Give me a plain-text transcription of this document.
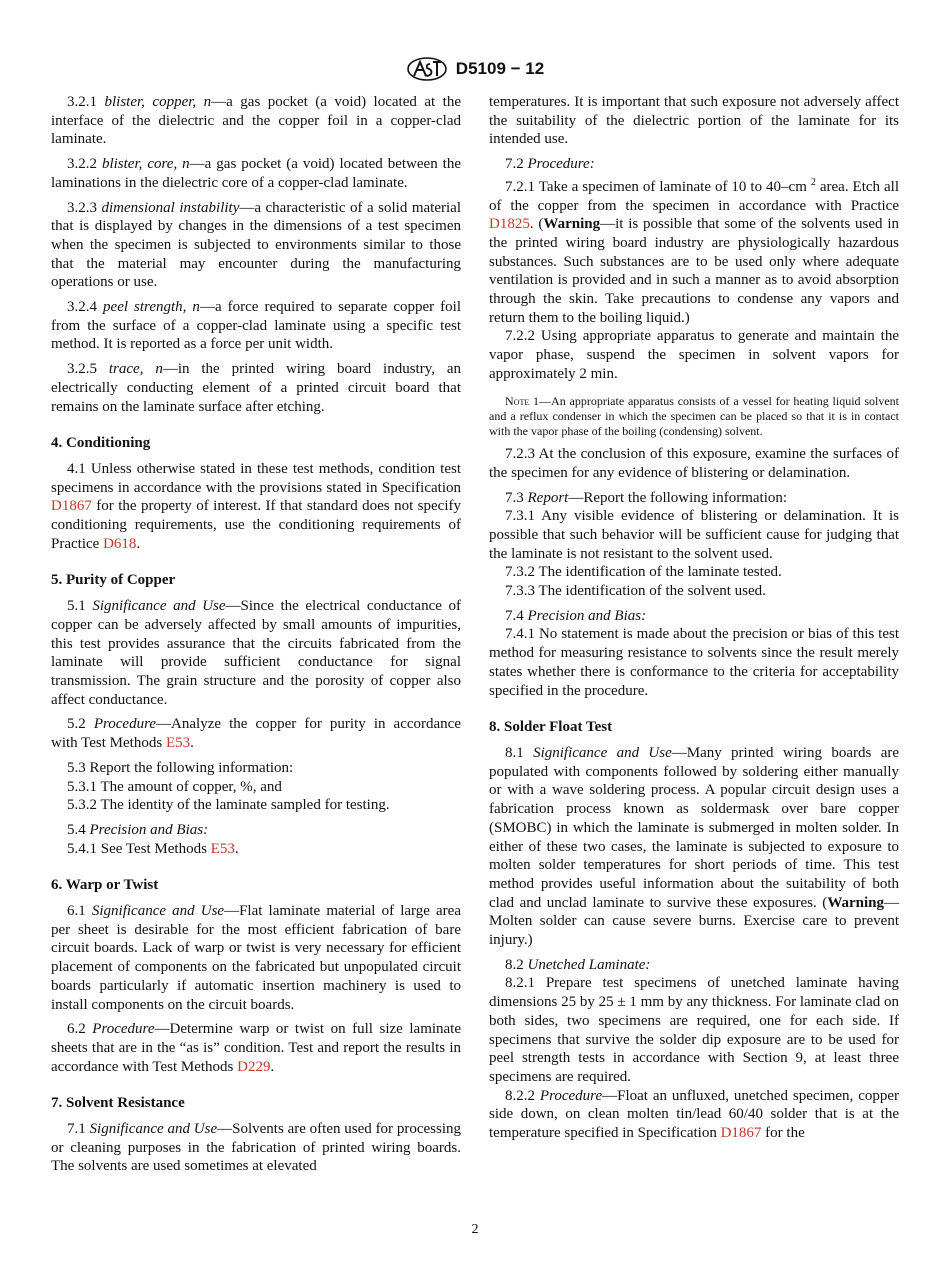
D5109 − 12

3.2.1 blister, copper, n—a gas pocket (a void) located at the interface of the dielectric and the copper foil in a copper-clad laminate.

3.2.2 blister, core, n—a gas pocket (a void) located between the laminations in the dielectric core of a copper-clad laminate.

3.2.3 dimensional instability—a characteristic of a solid material that is displayed by changes in the dimensions of a test specimen when the specimen is subjected to environments similar to those that the material may encounter during the manufacturing operations or use.

3.2.4 peel strength, n—a force required to separate copper foil from the surface of a copper-clad laminate using a specific test method. It is reported as a force per unit width.

3.2.5 trace, n—in the printed wiring board industry, an electrically conducting element of a printed circuit board that remains on the laminate surface after etching.

4. Conditioning

4.1 Unless otherwise stated in these test methods, condition test specimens in accordance with the provisions stated in Specification D1867 for the property of interest. If that standard does not specify conditioning requirements, use the conditioning requirements of Practice D618.

5. Purity of Copper

5.1 Significance and Use—Since the electrical conductance of copper can be adversely affected by small amounts of impurities, this test provides assurance that the circuits fabricated from the laminate will provide sufficient conductance for signal transmission. The grain structure and the porosity of copper also affect conductance.

5.2 Procedure—Analyze the copper for purity in accordance with Test Methods E53.

5.3 Report the following information:

5.3.1 The amount of copper, %, and

5.3.2 The identity of the laminate sampled for testing.

5.4 Precision and Bias:

5.4.1 See Test Methods E53.

6. Warp or Twist

6.1 Significance and Use—Flat laminate material of large area per sheet is desirable for the most efficient fabrication of bare circuit boards. Lack of warp or twist is very necessary for efficient placement of components on the fabricated but unpopulated circuit boards particularly if automatic insertion machinery is used to install components on the circuit boards.

6.2 Procedure—Determine warp or twist on full size laminate sheets that are in the “as is” condition. Test and report the results in accordance with Test Methods D229.

7. Solvent Resistance

7.1 Significance and Use—Solvents are often used for processing or cleaning purposes in the fabrication of printed wiring boards. The solvents are used sometimes at elevated

temperatures. It is important that such exposure not adversely affect the suitability of the dielectric portion of the laminate for its intended use.

7.2 Procedure:

7.2.1 Take a specimen of laminate of 10 to 40–cm $^2$ area. Etch all of the copper from the specimen in accordance with Practice D1825. (Warning—it is possible that some of the solvents used in the printed wiring board industry are physiologically hazardous substances. Such substances are to be used only where adequate ventilation is provided and in such a manner as to avoid absorption through the skin. Take precautions to condense any vapors and return them to the boiling liquid.)

7.2.2 Using appropriate apparatus to generate and maintain the vapor phase, suspend the specimen in solvent vapors for approximately 2 min.

Note 1—An appropriate apparatus consists of a vessel for heating liquid solvent and a reflux condenser in which the specimen can be placed so that it is in contact with the vapor phase of the boiling (condensing) solvent.

7.2.3 At the conclusion of this exposure, examine the surfaces of the specimen for any evidence of blistering or delamination.

7.3 Report—Report the following information:

7.3.1 Any visible evidence of blistering or delamination. It is possible that such behavior will be sufficient cause for judging that the laminate is not resistant to the solvent used.

7.3.2 The identification of the laminate tested.

7.3.3 The identification of the solvent used.

7.4 Precision and Bias:

7.4.1 No statement is made about the precision or bias of this test method for measuring resistance to solvents since the result merely states whether there is conformance to the criteria for acceptability specified in the procedure.

8. Solder Float Test

8.1 Significance and Use—Many printed wiring boards are populated with components followed by soldering either manually or with a wave soldering process. A popular circuit design uses a fabrication process known as soldermask over bare copper (SMOBC) in which the laminate is submerged in molten solder. In either of these two cases, the laminate is subjected to exposure to molten solder temperatures for short periods of time. This test method provides useful information about the suitability of both clad and unclad laminate to survive these exposures. (Warning—Molten solder can cause severe burns. Exercise care to prevent injury.)

8.2 Unetched Laminate:

8.2.1 Prepare test specimens of unetched laminate having dimensions 25 by 25 ± 1 mm by any thickness. For laminate clad on both sides, two specimens are required, one for each side. If specimens that survive the solder dip exposure are to be used for peel strength tests in accordance with Section 9, at least three specimens are required.

8.2.2 Procedure—Float an unfluxed, unetched specimen, copper side down, on clean molten tin/lead 60/40 solder that is at the temperature specified in Specification D1867 for the

2
